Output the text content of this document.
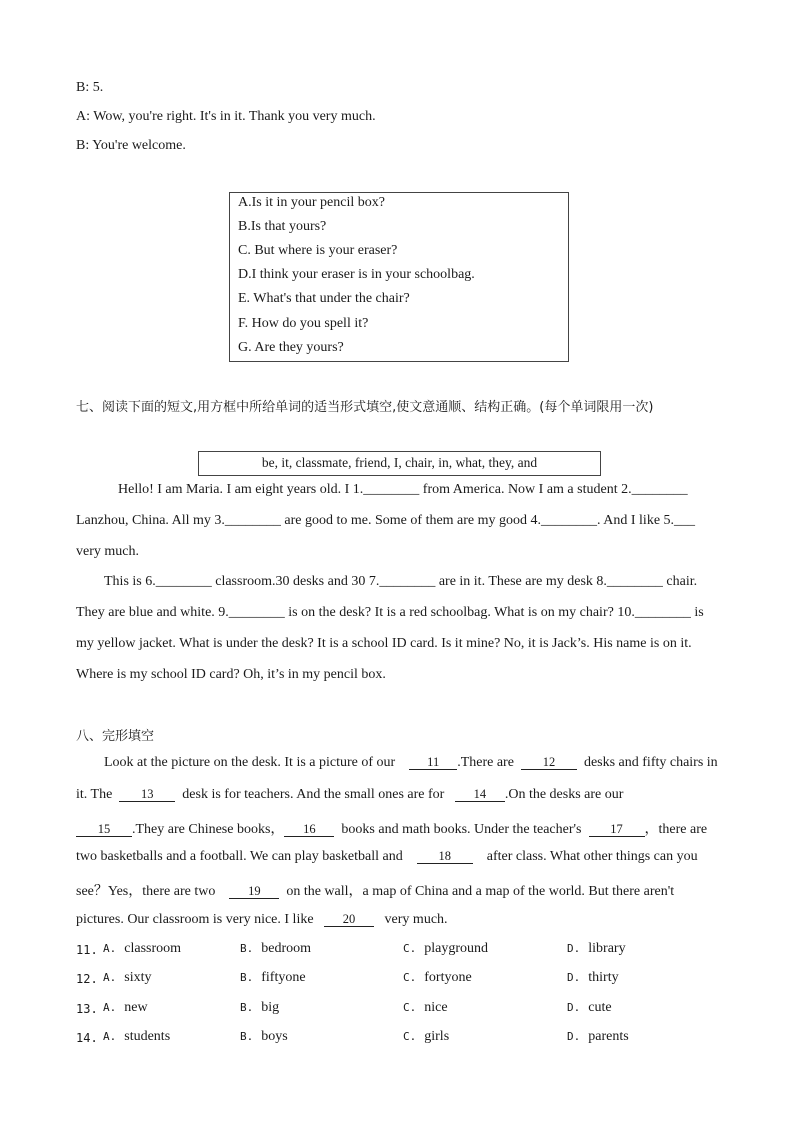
B: 5.
A: Wow, you're right. It's in it. Thank you very much.
B: You're welcome.
A.Is it in your pencil box?
B.Is that yours?
C. But where is your eraser?
D.I think your eraser is in your schoolbag.
E. What's that under the chair?
F. How do you spell it?
G. Are they yours?
七、阅读下面的短文,用方框中所给单词的适当形式填空,使文意通顺、结构正确。(每个单词限用一次)
be, it, classmate, friend, I, chair, in, what, they, and
Hello! I am Maria. I am eight years old. I 1.________ from America. Now I am a student 2.________
Lanzhou, China. All my 3.________ are good to me. Some of them are my good 4.________. And I like 5.___
very much.
This is 6.________ classroom.30 desks and 30 7.________ are in it. These are my desk 8.________ chair.
They are blue and white. 9.________ is on the desk? It is a red schoolbag. What is on my chair? 10.________ is
my yellow jacket. What is under the desk? It is a school ID card. Is it mine? No, it is Jack’s. His name is on it.
Where is my school ID card? Oh, it’s in my pencil box.
八、完形填空
Look at the picture on the desk. It is a picture of our	11 .There are 12 desks and fifty chairs in
it. The 13 desk is for teachers. And the small ones are for 14 .On the desks are our
15 .They are Chinese books， 16 books and math books. Under the teacher's 17 ，there are
two basketballs and a football. We can play basketball and	18	after class. What other things can you
see？Yes，there are two	19 on the wall，a map of China and a map of the world. But there aren't
pictures. Our classroom is very nice. I like 20 very much.
11. A. classroom	B. bedroom	C. playground	D. library
12. A. sixty	B. fiftyone	C. fortyone	D. thirty
13. A. new	B. big	C. nice	D. cute
14. A. students	B. boys	C. girls	D. parents
